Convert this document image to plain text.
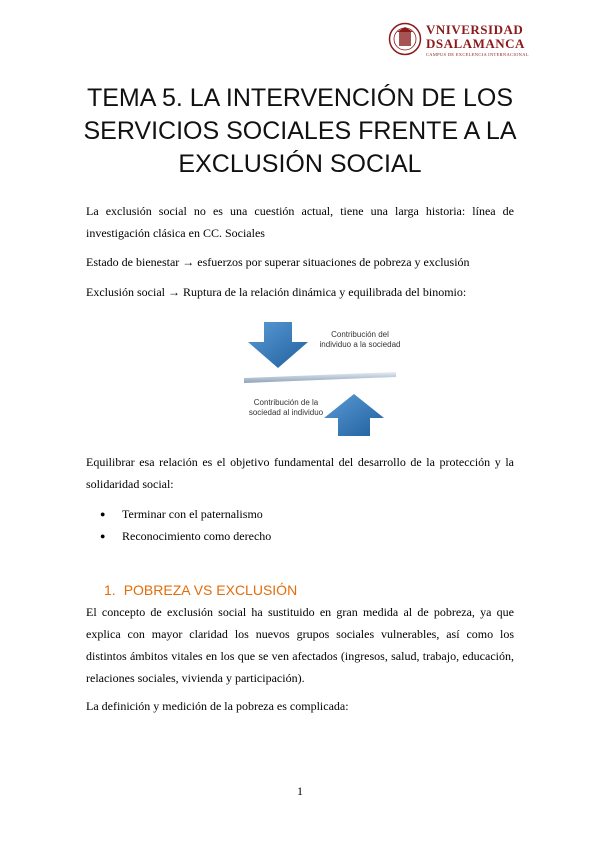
VNIVERSIDAD
DSALAMANCA
CAMPUS DE EXCELENCIA INTERNACIONAL
TEMA 5. LA INTERVENCIÓN DE LOS SERVICIOS SOCIALES FRENTE A LA EXCLUSIÓN SOCIAL

La exclusión social no es una cuestión actual, tiene una larga historia: línea de investigación clásica en CC. Sociales

Estado de bienestar → esfuerzos por superar situaciones de pobreza y exclusión

Exclusión social → Ruptura de la relación dinámica y equilibrada del binomio:

Contribución del individuo a la sociedad
Contribución de la sociedad al individuo

Equilibrar esa relación es el objetivo fundamental del desarrollo de la protección y la solidaridad social:

● Terminar con el paternalismo
● Reconocimiento como derecho
1. POBREZA VS EXCLUSIÓN

El concepto de exclusión social ha sustituido en gran medida al de pobreza, ya que explica con mayor claridad los nuevos grupos sociales vulnerables, así como los distintos ámbitos vitales en los que se ven afectados (ingresos, salud, trabajo, educación, relaciones sociales, vivienda y participación).

La definición y medición de la pobreza es complicada:

1
